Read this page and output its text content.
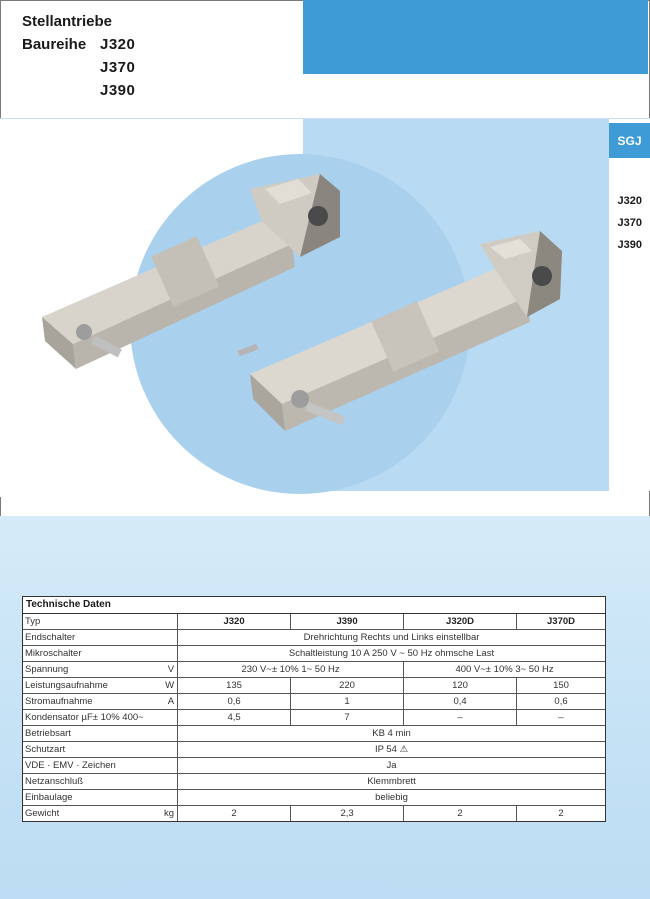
Stellantriebe
Baureihe J320
J370
J390
SGJ
J320
J370
J390
Technische Daten
Typ		J320	J390	J320D	J370D
Endschalter		Drehrichtung Rechts und Links einstellbar			
Mikroschalter		Schaltleistung 10 A 250 V ~ 50 Hz ohmsche Last			
Spannung	V	230 V~± 10% 1~ 50 Hz		400 V~± 10% 3~ 50 Hz	
Leistungsaufnahme	W	135	220	120	150
Stromaufnahme	A	0,6	1	0,4	0,6
Kondensator µF± 10% 400~		4,5	7	–	–
Betriebsart		KB 4 min			
Schutzart		IP 54 ⚠			
VDE · EMV · Zeichen		Ja			
Netzanschluß		Klemmbrett			
Einbaulage		beliebig			
Gewicht	kg	2	2,3	2	2
